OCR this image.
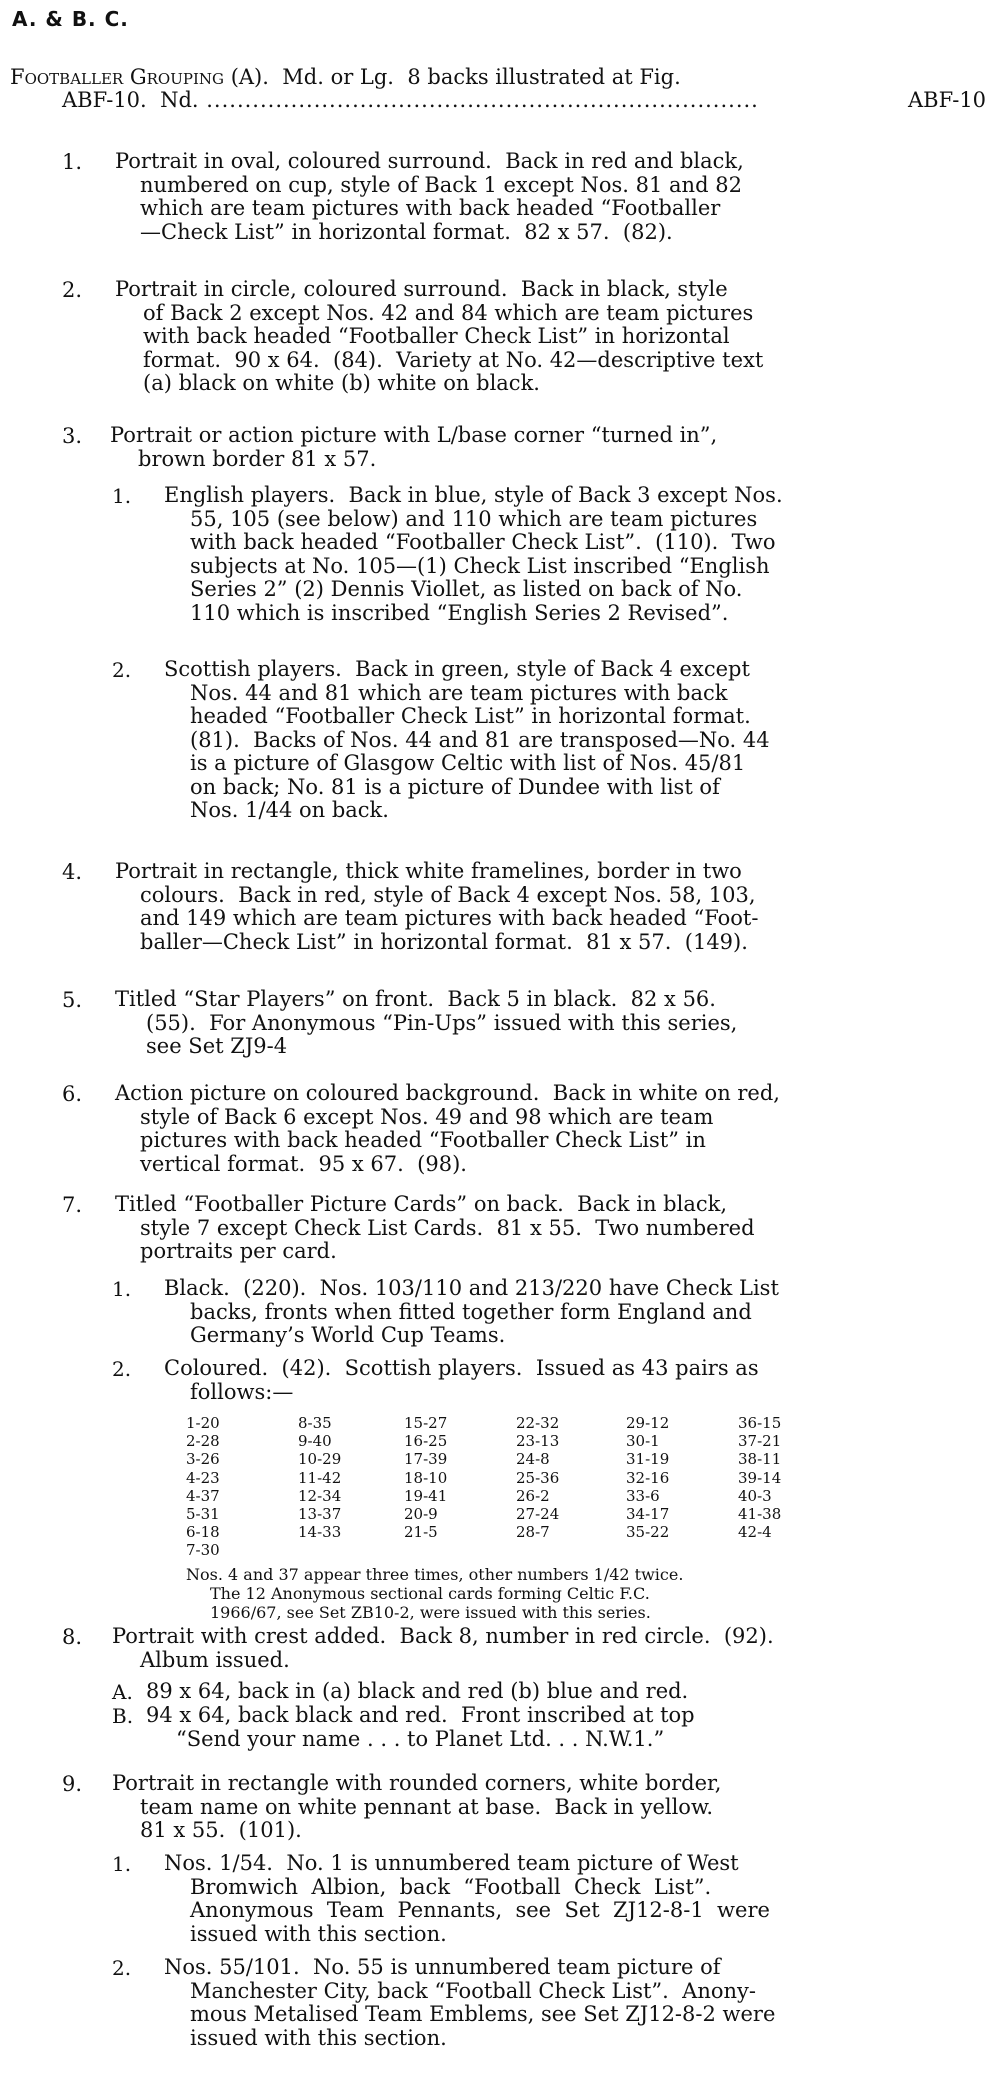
A. & B. C.
Footballer Grouping (A).  Md. or Lg.  8 backs illustrated at Fig.
ABF-10.  Nd. ........................................................................	ABF-10
1. Portrait in oval, coloured surround.  Back in red and black,
numbered on cup, style of Back 1 except Nos. 81 and 82
which are team pictures with back headed “Footballer
—Check List” in horizontal format.  82 x 57.  (82).
2. Portrait in circle, coloured surround.  Back in black, style
of Back 2 except Nos. 42 and 84 which are team pictures
with back headed “Footballer Check List” in horizontal
format.  90 x 64.  (84).  Variety at No. 42—descriptive text
(a) black on white (b) white on black.
3. Portrait or action picture with L/base corner “turned in”,
brown border 81 x 57.
1. English players.  Back in blue, style of Back 3 except Nos.
55, 105 (see below) and 110 which are team pictures
with back headed “Footballer Check List”.  (110).  Two
subjects at No. 105—(1) Check List inscribed “English
Series 2” (2) Dennis Viollet, as listed on back of No.
110 which is inscribed “English Series 2 Revised”.
2. Scottish players.  Back in green, style of Back 4 except
Nos. 44 and 81 which are team pictures with back
headed “Footballer Check List” in horizontal format.
(81).  Backs of Nos. 44 and 81 are transposed—No. 44
is a picture of Glasgow Celtic with list of Nos. 45/81
on back; No. 81 is a picture of Dundee with list of
Nos. 1/44 on back.
4. Portrait in rectangle, thick white framelines, border in two
colours.  Back in red, style of Back 4 except Nos. 58, 103,
and 149 which are team pictures with back headed “Foot-
baller—Check List” in horizontal format.  81 x 57.  (149).
5. Titled “Star Players” on front.  Back 5 in black.  82 x 56.
(55).  For Anonymous “Pin-Ups” issued with this series,
see Set ZJ9-4
6. Action picture on coloured background.  Back in white on red,
style of Back 6 except Nos. 49 and 98 which are team
pictures with back headed “Footballer Check List” in
vertical format.  95 x 67.  (98).
7. Titled “Footballer Picture Cards” on back.  Back in black,
style 7 except Check List Cards.  81 x 55.  Two numbered
portraits per card.
1. Black.  (220).  Nos. 103/110 and 213/220 have Check List
backs, fronts when fitted together form England and
Germany’s World Cup Teams.
2. Coloured.  (42).  Scottish players.  Issued as 43 pairs as
follows:—
8. Portrait with crest added.  Back 8, number in red circle.  (92).
Album issued.
A. 89 x 64, back in (a) black and red (b) blue and red.
B. 94 x 64, back black and red.  Front inscribed at top
“Send your name . . . to Planet Ltd. . . N.W.1.”
9. Portrait in rectangle with rounded corners, white border,
team name on white pennant at base.  Back in yellow.
81 x 55.  (101).
1. Nos. 1/54.  No. 1 is unnumbered team picture of West
Bromwich  Albion,  back  “Football  Check  List”.
Anonymous  Team  Pennants,  see  Set  ZJ12-8-1  were
issued with this section.
2. Nos. 55/101.  No. 55 is unnumbered team picture of
Manchester City, back “Football Check List”.  Anony-
mous Metalised Team Emblems, see Set ZJ12-8-2 were
issued with this section.
1-20
2-28
3-26
4-23
4-37
5-31
6-18
7-30
8-35
9-40
10-29
11-42
12-34
13-37
14-33
15-27
16-25
17-39
18-10
19-41
20-9
21-5
22-32
23-13
24-8
25-36
26-2
27-24
28-7
29-12
30-1
31-19
32-16
33-6
34-17
35-22
36-15
37-21
38-11
39-14
40-3
41-38
42-4
Nos. 4 and 37 appear three times, other numbers 1/42 twice.
The 12 Anonymous sectional cards forming Celtic F.C.
1966/67, see Set ZB10-2, were issued with this series.
